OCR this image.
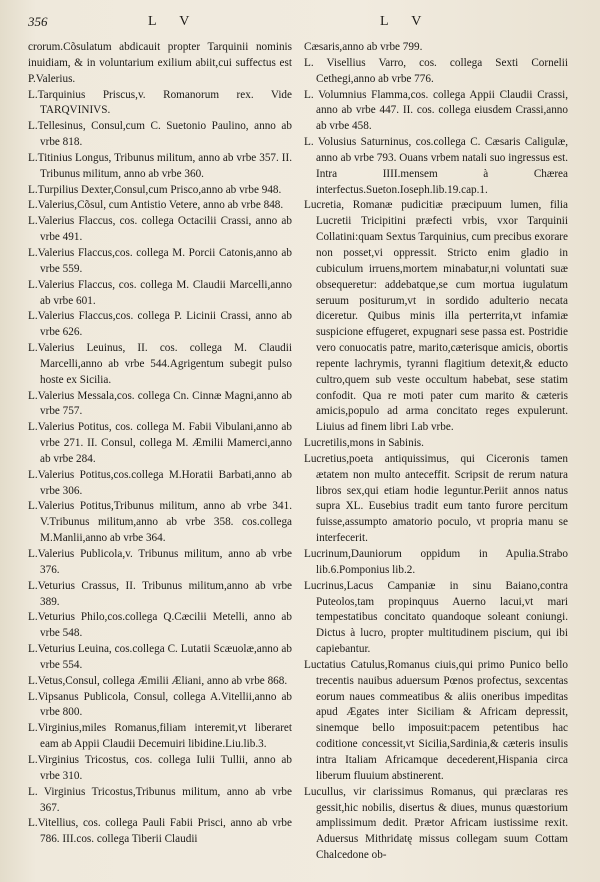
356	L V	L V

crorum.Cõsulatum abdicauit propter Tarquinii nominis inuidiam, & in voluntarium exilium abiit,cui suffectus est P.Valerius.

L.Tarquinius Priscus,v. Romanorum rex. Vide TARQVINIVS.

L.Tellesinus, Consul,cum C. Suetonio Paulino, anno ab vrbe 818.

L.Titinius Longus, Tribunus militum, anno ab vrbe 357. II. Tribunus militum, anno ab vrbe 360.

L.Turpilius Dexter,Consul,cum Prisco,anno ab vrbe 948.

L.Valerius,Cõsul, cum Antistio Vetere, anno ab vrbe 848.

L.Valerius Flaccus, cos. collega Octacilii Crassi, anno ab vrbe 491.

L.Valerius Flaccus,cos. collega M. Porcii Catonis,anno ab vrbe 559.

L.Valerius Flaccus, cos. collega M. Claudii Marcelli,anno ab vrbe 601.

L.Valerius Flaccus,cos. collega P. Licinii Crassi, anno ab vrbe 626.

L.Valerius Leuinus, II. cos. collega M. Claudii Marcelli,anno ab vrbe 544.Agrigentum subegit pulso hoste ex Sicilia.

L.Valerius Messala,cos. collega Cn. Cinnæ Magni,anno ab vrbe 757.

L.Valerius Potitus, cos. collega M. Fabii Vibulani,anno ab vrbe 271. II. Consul, collega M. Æmilii Mamerci,anno ab vrbe 284.

L.Valerius Potitus,cos.collega M.Horatii Barbati,anno ab vrbe 306.

L.Valerius Potitus,Tribunus militum, anno ab vrbe 341. V.Tribunus militum,anno ab vrbe 358. cos.collega M.Manlii,anno ab vrbe 364.

L.Valerius Publicola,v. Tribunus militum, anno ab vrbe 376.

L.Veturius Crassus, II. Tribunus militum,anno ab vrbe 389.

L.Veturius Philo,cos.collega Q.Cæcilii Metelli, anno ab vrbe 548.

L.Veturius Leuina, cos.collega C. Lutatii Scæuolæ,anno ab vrbe 554.

L.Vetus,Consul, collega Æmilii Æliani, anno ab vrbe 868.

L.Vipsanus Publicola, Consul, collega A.Vitellii,anno ab vrbe 800.

L.Virginius,miles Romanus,filiam interemit,vt liberaret eam ab Appii Claudii Decemuiri libidine.Liu.lib.3.

L.Virginius Tricostus, cos. collega Iulii Tullii, anno ab vrbe 310.

L. Virginius Tricostus,Tribunus militum, anno ab vrbe 367.

L.Vitellius, cos. collega Pauli Fabii Prisci, anno ab vrbe 786. III.cos. collega Tiberii Claudii

Cæsaris,anno ab vrbe 799.

L. Visellius Varro, cos. collega Sexti Cornelii Cethegi,anno ab vrbe 776.

L. Volumnius Flamma,cos. collega Appii Claudii Crassi, anno ab vrbe 447. II. cos. collega eiusdem Crassi,anno ab vrbe 458.

L. Volusius Saturninus, cos.collega C. Cæsaris Caligulæ, anno ab vrbe 793. Ouans vrbem natali suo ingressus est. Intra IIII.mensem à Chærea interfectus.Sueton.Ioseph.lib.19.cap.1.

Lucretia, Romanæ pudicitiæ præcipuum lumen, filia Lucretii Tricipitini præfecti vrbis, vxor Tarquinii Collatini:quam Sextus Tarquinius, cum precibus exorare non posset,vi oppressit. Stricto enim gladio in cubiculum irruens,mortem minabatur,ni voluntati suæ obsequeretur: addebatque,se cum mortua iugulatum seruum positurum,vt in sordido adulterio necata diceretur. Quibus minis illa perterrita,vt infamiæ suspicione effugeret, expugnari sese passa est. Postridie vero conuocatis patre, marito,cæterisque amicis, obortis repente lachrymis, tyranni flagitium detexit,& educto cultro,quem sub veste occultum habebat, sese statim confodit. Qua re moti pater cum marito & cæteris amicis,populo ad arma concitato reges expulerunt. Liuius ad finem libri I.ab vrbe.

Lucretilis,mons in Sabinis.

Lucretius,poeta antiquissimus, qui Ciceronis tamen ætatem non multo anteceffit. Scripsit de rerum natura libros sex,qui etiam hodie leguntur.Periit annos natus supra XL. Eusebius tradit eum tanto furore percitum fuisse,assumpto amatorio poculo, vt propria manu se interfecerit.

Lucrinum,Dauniorum oppidum in Apulia.Strabo lib.6.Pomponius lib.2.

Lucrinus,Lacus Campaniæ in sinu Baiano,contra Puteolos,tam propinquus Auerno lacui,vt mari tempestatibus concitato quandoque soleant coniungi. Dictus à lucro, propter multitudinem piscium, qui ibi capiebantur.

Luctatius Catulus,Romanus ciuis,qui primo Punico bello trecentis nauibus aduersum Pœnos profectus, sexcentas eorum naues commeatibus & aliis oneribus impeditas apud Ægates inter Siciliam & Africam depressit, sinemque bello imposuit:pacem petentibus hac coditione concessit,vt Sicilia,Sardinia,& cæteris insulis intra Italiam Africamque decederent,Hispania circa liberum fluuium abstinerent.

Lucullus, vir clarissimus Romanus, qui præclaras res gessit,hic nobilis, disertus & diues, munus quæstorium amplissimum dedit. Prætor Africam iustissime rexit. Aduersus Mithridatę missus collegam suum Cottam Chalcedone ob-
